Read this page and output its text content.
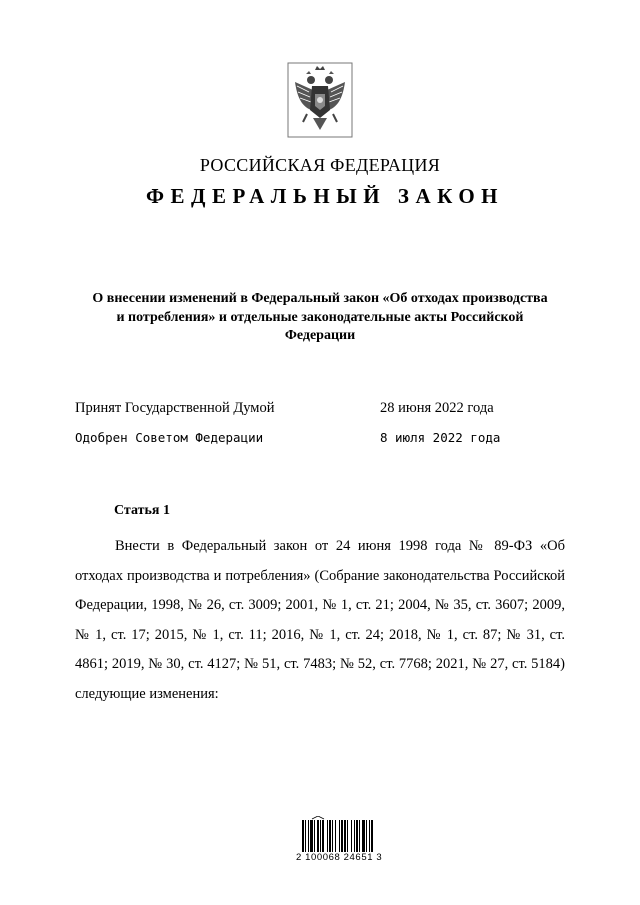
РОССИЙСКАЯ ФЕДЕРАЦИЯ
ФЕДЕРАЛЬНЫЙ ЗАКОН
О внесении изменений в Федеральный закон «Об отходах производства и потребления» и отдельные законодательные акты Российской Федерации
Принят Государственной Думой	28 июня 2022 года
Одобрен Советом Федерации	8 июля 2022 года
Статья 1
Внести в Федеральный закон от 24 июня 1998 года № 89-ФЗ «Об отходах производства и потребления» (Собрание законодательства Российской Федерации, 1998, № 26, ст. 3009; 2001, № 1, ст. 21; 2004, № 35, ст. 3607; 2009, № 1, ст. 17; 2015, № 1, ст. 11; 2016, № 1, ст. 24; 2018, № 1, ст. 87; № 31, ст. 4861; 2019, № 30, ст. 4127; № 51, ст. 7483; № 52, ст. 7768; 2021, № 27, ст. 5184) следующие изменения:
2 100068 24651 3
